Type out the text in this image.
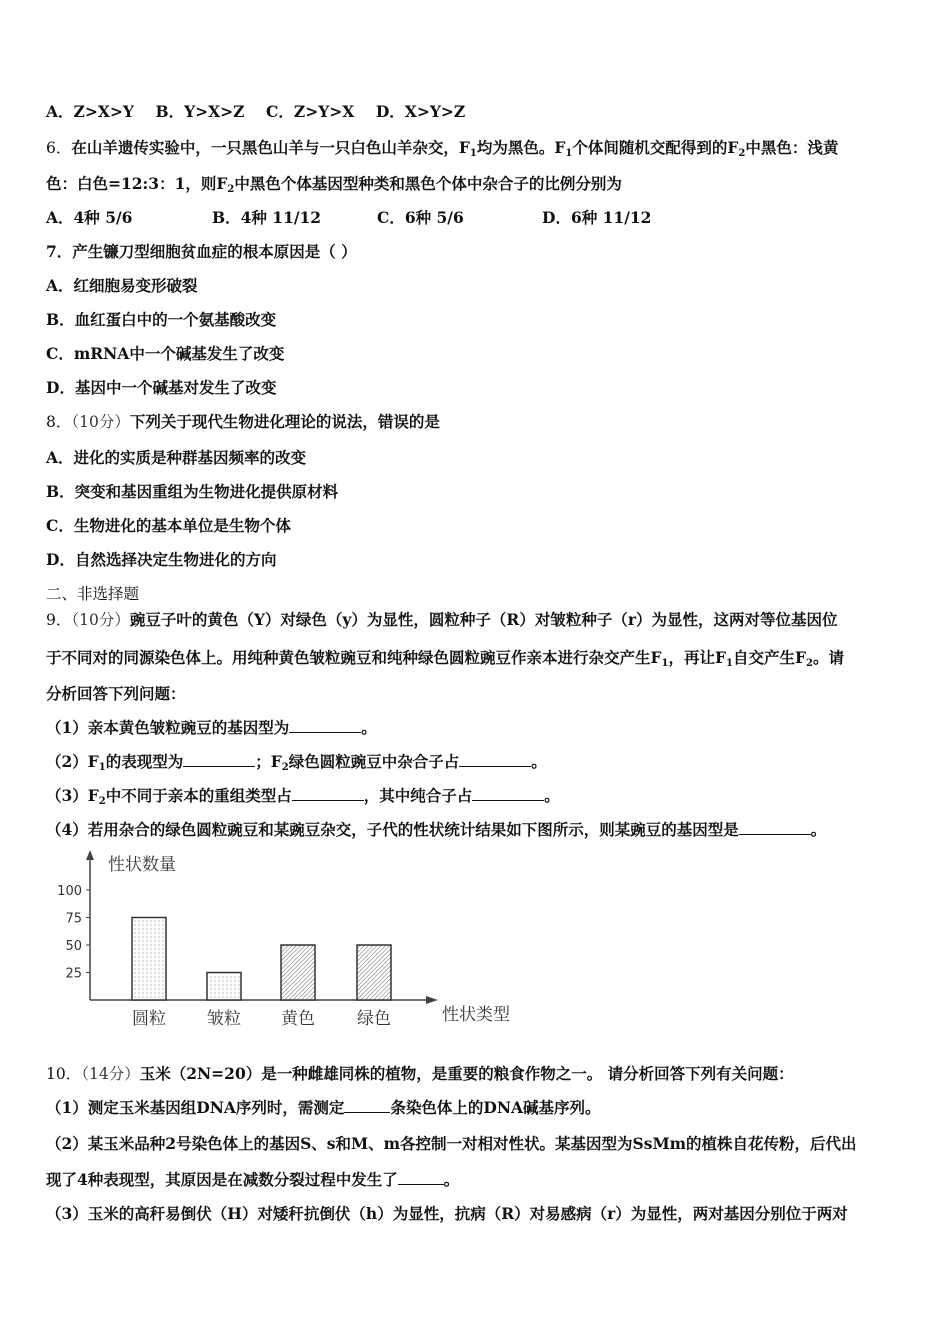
A．Z>X>Y    B．Y>X>Z    C．Z>Y>X    D．X>Y>Z
6．在山羊遗传实验中，一只黑色山羊与一只白色山羊杂交，$F_1$均为黑色。$F_1$个体间随机交配得到的$F_2$中黑色：浅黄
色：白色=12:3：1，则$F_2$中黑色个体基因型种类和黑色个体中杂合子的比例分别为
A．4种 5/6	B．4种 11/12	C．6种 5/6	D．6种 11/12
7．产生镰刀型细胞贫血症的根本原因是（ ）
A．红细胞易变形破裂
B．血红蛋白中的一个氨基酸改变
C．mRNA中一个碱基发生了改变
D．基因中一个碱基对发生了改变
8．（10分）下列关于现代生物进化理论的说法，错误的是
A．进化的实质是种群基因频率的改变
B．突变和基因重组为生物进化提供原材料
C．生物进化的基本单位是生物个体
D．自然选择决定生物进化的方向
二、非选择题
9．（10分）豌豆子叶的黄色（Y）对绿色（y）为显性，圆粒种子（R）对皱粒种子（r）为显性，这两对等位基因位
于不同对的同源染色体上。用纯种黄色皱粒豌豆和纯种绿色圆粒豌豆作亲本进行杂交产生$F_1$，再让$F_1$自交产生$F_2$。请
分析回答下列问题：
（1）亲本黄色皱粒豌豆的基因型为	。
$(2)F_1$的表现型为	；$F_2$绿色圆粒豌豆中杂合子占	。
$(3)F_2$中不同于亲本的重组类型占	，其中纯合子占	。
（4）若用杂合的绿色圆粒豌豆和某豌豆杂交，子代的性状统计结果如下图所示，则某豌豆的基因型是	。
性状数量
性状类型
100
75
50
25
圆粒 皱粒 黄色 绿色
10．（14分）玉米（2N=20）是一种雌雄同株的植物，是重要的粮食作物之一。 请分析回答下列有关问题：
（1）测定玉米基因组DNA序列时，需测定	条染色体上的DNA碱基序列。
（2）某玉米品种2号染色体上的基因S、s和M、m各控制一对相对性状。某基因型为SsMm的植株自花传粉，后代出
现了4种表现型，其原因是在减数分裂过程中发生了	。
（3）玉米的高秆易倒伏（H）对矮秆抗倒伏（h）为显性，抗病（R）对易感病（r）为显性，两对基因分别位于两对
